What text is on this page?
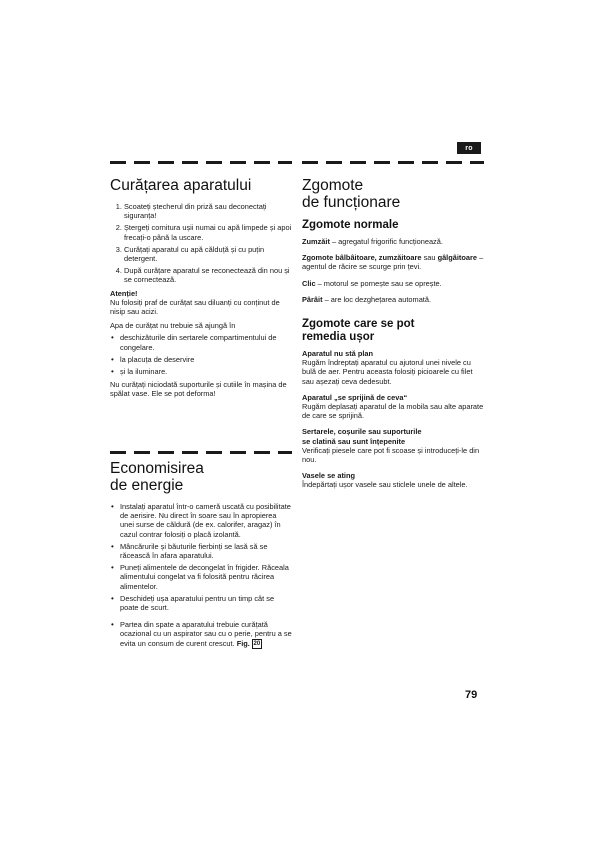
ro
Curățarea aparatului
1. Scoateți ștecherul din priză sau deconectați siguranța!
2. Ștergeți cornitura ușii numai cu apă limpede și apoi frecați-o până la uscare.
3. Curățați aparatul cu apă călduță și cu puțin detergent.
4. După curățare aparatul se reconectează din nou și se cornectează.

Atenție!

Nu folosiți praf de curățat sau diluanți cu conținut de nisip sau acizi.

Apa de curățat nu trebuie să ajungă în

• deschizăturile din sertarele compartimentului de congelare.
• la placuța de deservire
• și la iluminare.

Nu curățați niciodată suporturile și cutiile în mașina de spălat vase. Ele se pot deforma!

Economisirea
de energie
• Instalați aparatul într-o cameră uscată cu posibilitate de aerisire. Nu direct în soare sau în apropierea unei surse de căldură (de ex. calorifer, aragaz) în cazul contrar folosiți o placă izolantă.
• Mâncărurile și băuturile fierbinți se lasă să se răcească în afara aparatului.
• Puneți alimentele de decongelat în frigider. Răceala alimentului congelat va fi folosită pentru răcirea alimentelor.
• Deschideți ușa aparatului pentru un timp cât se poate de scurt.
• Partea din spate a aparatului trebuie curățată ocazional cu un aspirator sau cu o perie, pentru a se evita un consum de curent crescut. Fig. 20
Zgomote
de funcționare
Zgomote normale

Zumzăit – agregatul frigorific funcționează.

Zgomote bâlbâitoare, zumzăitoare sau gâlgâitoare – agentul de răcire se scurge prin țevi.

Clic – motorul se pornește sau se oprește.

Pârâit – are loc dezghețarea automată.

Zgomote care se pot
remedia ușor
Aparatul nu stă plan

Rugăm îndreptați aparatul cu ajutorul unei nivele cu bulă de aer. Pentru aceasta folosiți picioarele cu filet sau așezați ceva dedesubt.

Aparatul „se sprijină de ceva“

Rugăm deplasați aparatul de la mobila sau alte aparate de care se sprijină.

Sertarele, coșurile sau suporturile
se clatină sau sunt înțepenite

Verificați piesele care pot fi scoase și introduceți-le din nou.

Vasele se ating

Îndepărtați ușor vasele sau sticlele unele de altele.

79
